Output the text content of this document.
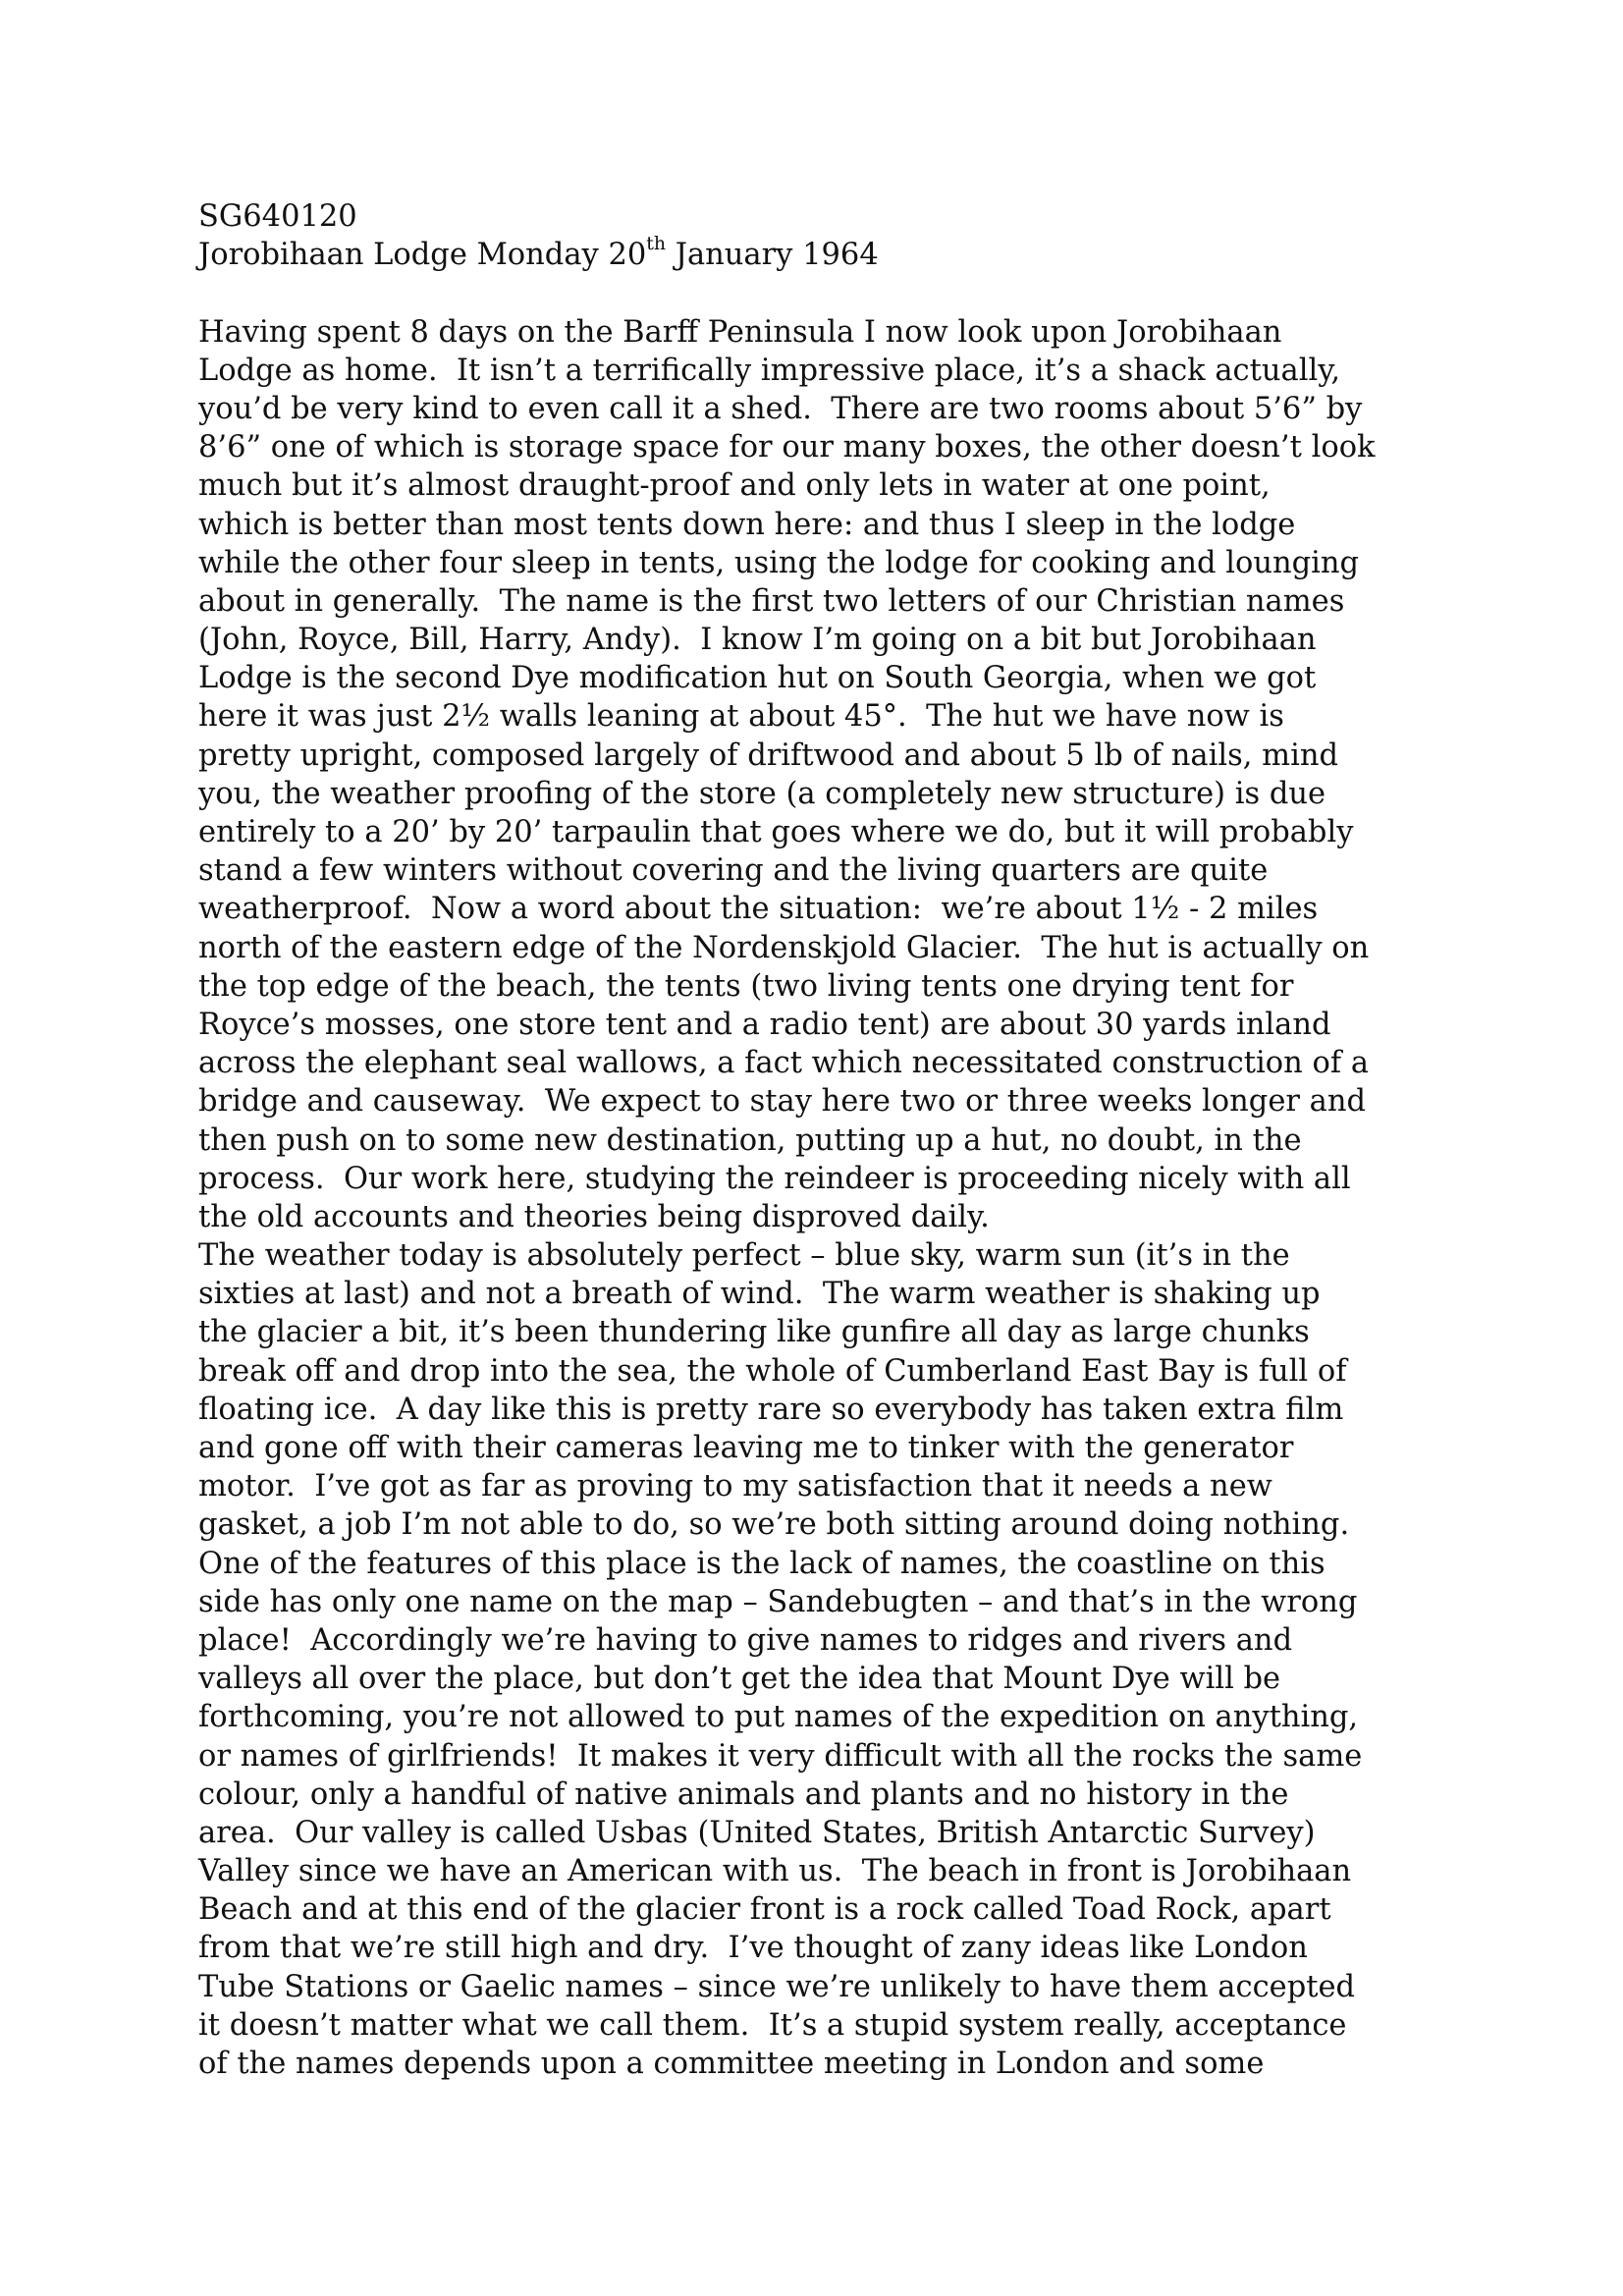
SG640120
Jorobihaan Lodge Monday 20th January 1964
Having spent 8 days on the Barff Peninsula I now look upon Jorobihaan
Lodge as home.  It isn’t a terrifically impressive place, it’s a shack actually,
you’d be very kind to even call it a shed.  There are two rooms about 5’6” by
8’6” one of which is storage space for our many boxes, the other doesn’t look
much but it’s almost draught-proof and only lets in water at one point,
which is better than most tents down here: and thus I sleep in the lodge
while the other four sleep in tents, using the lodge for cooking and lounging
about in generally.  The name is the first two letters of our Christian names
(John, Royce, Bill, Harry, Andy).  I know I’m going on a bit but Jorobihaan
Lodge is the second Dye modification hut on South Georgia, when we got
here it was just 2½ walls leaning at about 45°.  The hut we have now is
pretty upright, composed largely of driftwood and about 5 lb of nails, mind
you, the weather proofing of the store (a completely new structure) is due
entirely to a 20’ by 20’ tarpaulin that goes where we do, but it will probably
stand a few winters without covering and the living quarters are quite
weatherproof.  Now a word about the situation:  we’re about 1½ - 2 miles
north of the eastern edge of the Nordenskjold Glacier.  The hut is actually on
the top edge of the beach, the tents (two living tents one drying tent for
Royce’s mosses, one store tent and a radio tent) are about 30 yards inland
across the elephant seal wallows, a fact which necessitated construction of a
bridge and causeway.  We expect to stay here two or three weeks longer and
then push on to some new destination, putting up a hut, no doubt, in the
process.  Our work here, studying the reindeer is proceeding nicely with all
the old accounts and theories being disproved daily.
The weather today is absolutely perfect – blue sky, warm sun (it’s in the
sixties at last) and not a breath of wind.  The warm weather is shaking up
the glacier a bit, it’s been thundering like gunfire all day as large chunks
break off and drop into the sea, the whole of Cumberland East Bay is full of
floating ice.  A day like this is pretty rare so everybody has taken extra film
and gone off with their cameras leaving me to tinker with the generator
motor.  I’ve got as far as proving to my satisfaction that it needs a new
gasket, a job I’m not able to do, so we’re both sitting around doing nothing.
One of the features of this place is the lack of names, the coastline on this
side has only one name on the map – Sandebugten – and that’s in the wrong
place!  Accordingly we’re having to give names to ridges and rivers and
valleys all over the place, but don’t get the idea that Mount Dye will be
forthcoming, you’re not allowed to put names of the expedition on anything,
or names of girlfriends!  It makes it very difficult with all the rocks the same
colour, only a handful of native animals and plants and no history in the
area.  Our valley is called Usbas (United States, British Antarctic Survey)
Valley since we have an American with us.  The beach in front is Jorobihaan
Beach and at this end of the glacier front is a rock called Toad Rock, apart
from that we’re still high and dry.  I’ve thought of zany ideas like London
Tube Stations or Gaelic names – since we’re unlikely to have them accepted
it doesn’t matter what we call them.  It’s a stupid system really, acceptance
of the names depends upon a committee meeting in London and some
